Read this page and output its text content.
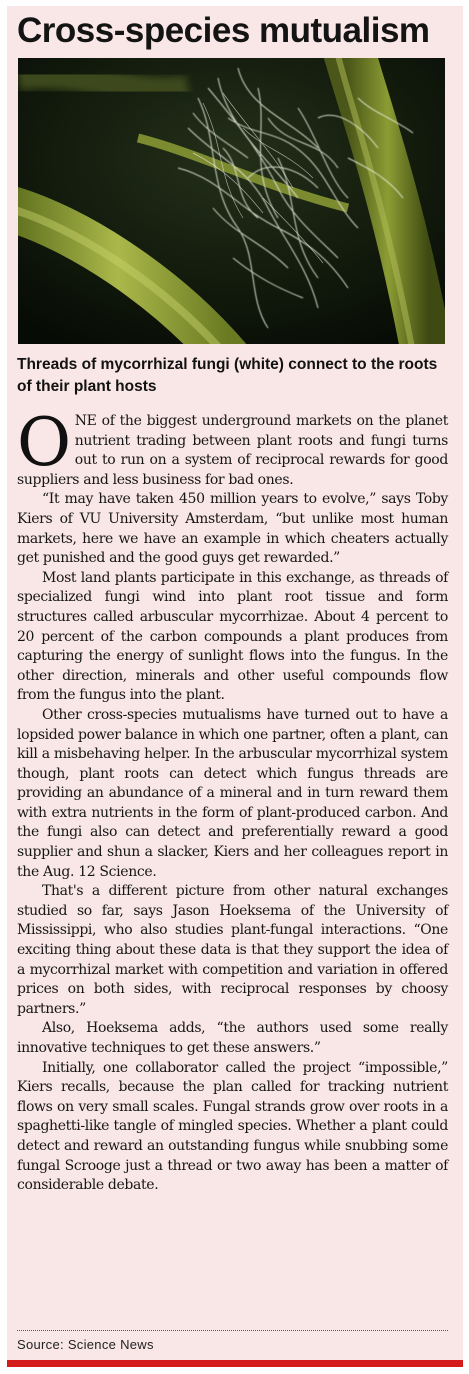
Cross-species mutualism

Threads of mycorrhizal fungi (white) connect to the roots of their plant hosts

ONE of the biggest underground markets on the planet nutrient trading between plant roots and fungi turns out to run on a system of reciprocal rewards for good suppliers and less business for bad ones.

“It may have taken 450 million years to evolve,” says Toby Kiers of VU University Amsterdam, “but unlike most human markets, here we have an example in which cheaters actually get punished and the good guys get rewarded.”

Most land plants participate in this exchange, as threads of specialized fungi wind into plant root tissue and form structures called arbuscular mycorrhizae. About 4 percent to 20 percent of the carbon compounds a plant produces from capturing the energy of sunlight flows into the fungus. In the other direction, minerals and other useful compounds flow from the fungus into the plant.

Other cross-species mutualisms have turned out to have a lopsided power balance in which one partner, often a plant, can kill a misbehaving helper. In the arbuscular mycorrhizal system though, plant roots can detect which fungus threads are providing an abundance of a mineral and in turn reward them with extra nutrients in the form of plant-produced carbon. And the fungi also can detect and preferentially reward a good supplier and shun a slacker, Kiers and her colleagues report in the Aug. 12 Science.

That's a different picture from other natural exchanges studied so far, says Jason Hoeksema of the University of Mississippi, who also studies plant-fungal interactions. “One exciting thing about these data is that they support the idea of a mycorrhizal market with competition and variation in offered prices on both sides, with reciprocal responses by choosy partners.”

Also, Hoeksema adds, “the authors used some really innovative techniques to get these answers.”

Initially, one collaborator called the project “impossible,” Kiers recalls, because the plan called for tracking nutrient flows on very small scales. Fungal strands grow over roots in a spaghetti-like tangle of mingled species. Whether a plant could detect and reward an outstanding fungus while snubbing some fungal Scrooge just a thread or two away has been a matter of considerable debate.

Source: Science News
